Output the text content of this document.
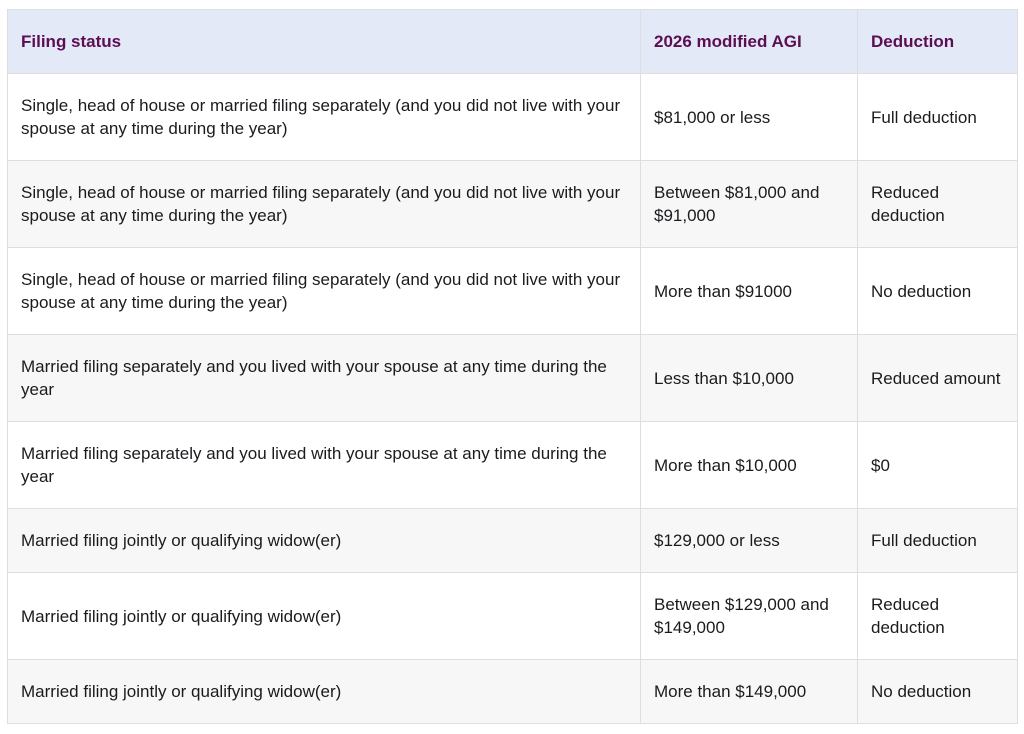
Filing status	2026 modified AGI	Deduction
Single, head of house or married filing separately (and you did not live with your spouse at any time during the year)	$81,000 or less	Full deduction
Single, head of house or married filing separately (and you did not live with your spouse at any time during the year)	Between $81,000 and $91,000	Reduced deduction
Single, head of house or married filing separately (and you did not live with your spouse at any time during the year)	More than $91000	No deduction
Married filing separately and you lived with your spouse at any time during the year	Less than $10,000	Reduced amount
Married filing separately and you lived with your spouse at any time during the year	More than $10,000	$0
Married filing jointly or qualifying widow(er)	$129,000 or less	Full deduction
Married filing jointly or qualifying widow(er)	Between $129,000 and $149,000	Reduced deduction
Married filing jointly or qualifying widow(er)	More than $149,000	No deduction
